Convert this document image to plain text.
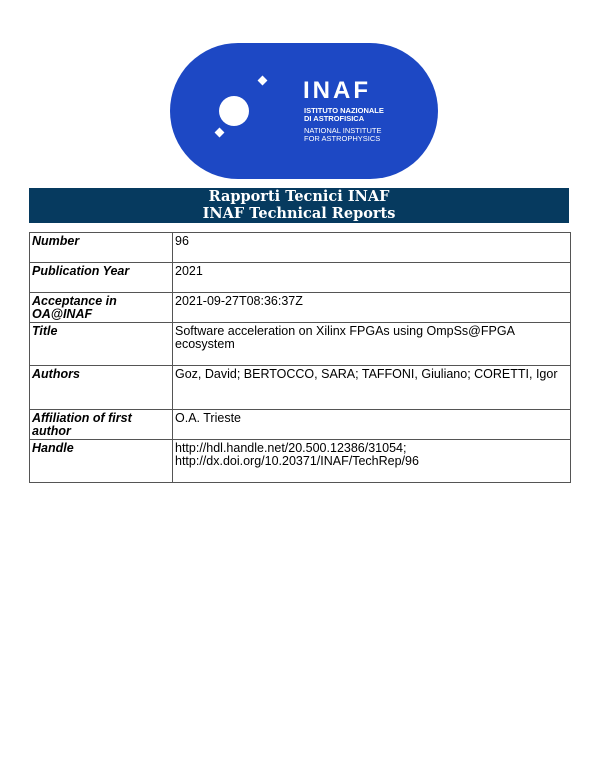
INAF
ISTITUTO NAZIONALE
DI ASTROFISICA
NATIONAL INSTITUTE
FOR ASTROPHYSICS
Rapporti Tecnici INAF
INAF Technical Reports
Number	96
Publication Year	2021
Acceptance in OA@INAF	2021-09-27T08:36:37Z
Title	Software acceleration on Xilinx FPGAs using OmpSs@FPGA ecosystem
Authors	Goz, David; BERTOCCO, SARA; TAFFONI, Giuliano; CORETTI, Igor
Affiliation of first author	O.A. Trieste
Handle	http://hdl.handle.net/20.500.12386/31054;
http://dx.doi.org/10.20371/INAF/TechRep/96
